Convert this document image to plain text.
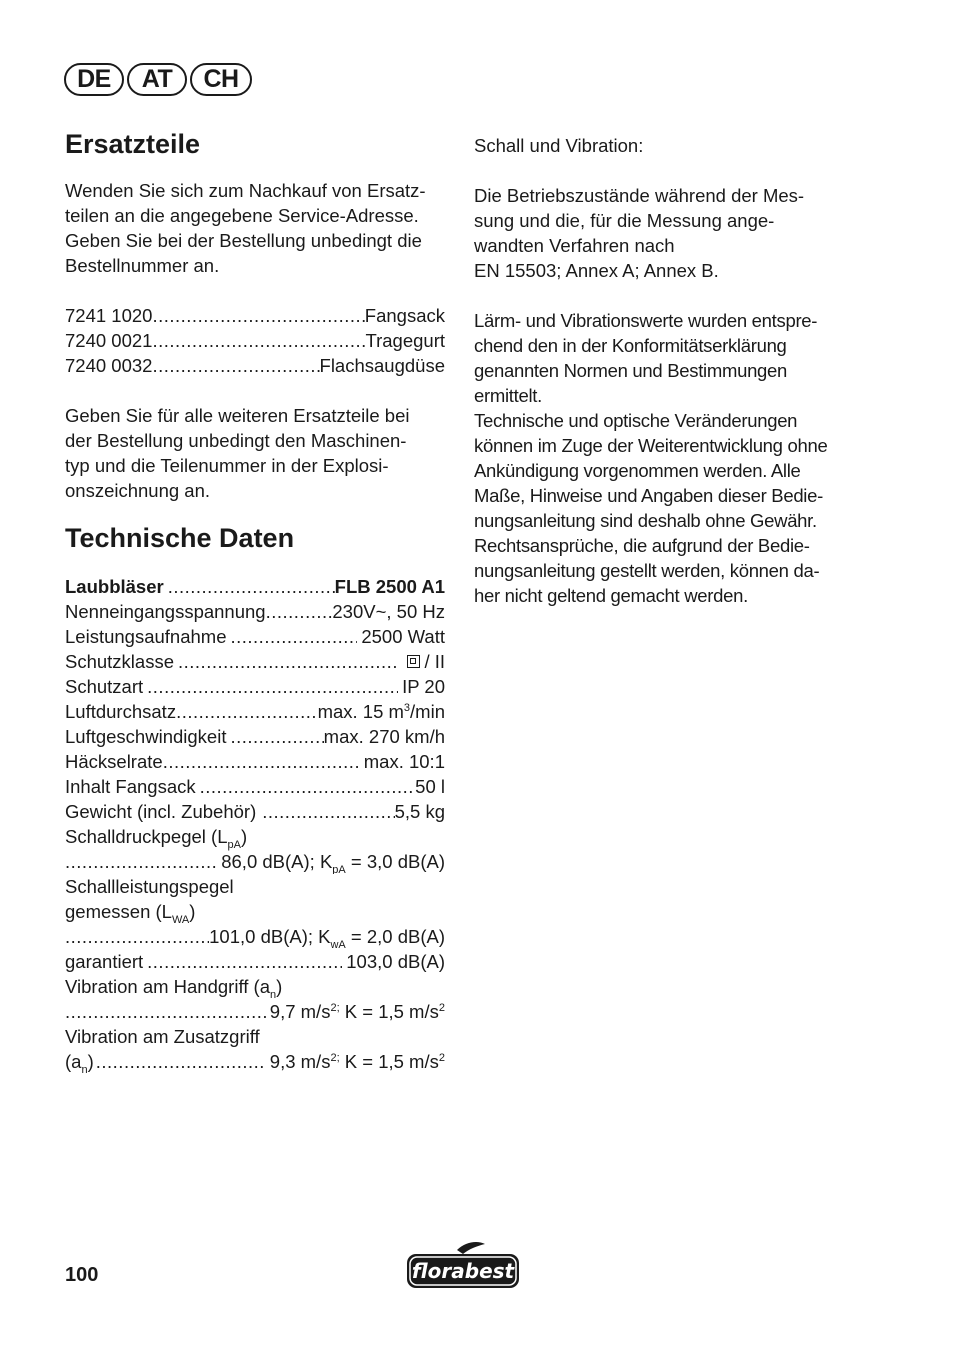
DE	AT	CH
Ersatzteile

Wenden Sie sich zum Nachkauf von Ersatz-

teilen an die angegebene Service-Adresse.

Geben Sie bei der Bestellung unbedingt die

Bestellnummer an.

7241 1020 .....	Fangsack
7240 0021 .....	Tragegurt
7240 0032 .....	Flachsaugdüse

Geben Sie für alle weiteren Ersatzteile bei

der Bestellung unbedingt den Maschinen-

typ und die Teilenummer in der Explosi-

onszeichnung an.

Technische Daten
Laubbläser .....	FLB 2500 A1
Nenneingangsspannung .....	230V~, 50 Hz
Leistungsaufnahme .....	2500 Watt
Schutzklasse .....	/ II
Schutzart .....	IP 20
Luftdurchsatz .....	max. 15 $m^3/\min$
Luftgeschwindigkeit .....	max. 270 km/h
Häckselrate .....	max. 10:1
Inhalt Fangsack .....	50 l
Gewicht (incl. Zubehör) .....	5,5 kg
Schalldruckpegel $(L_{pA})$
.....
86,0 dB(A); $K_{pA} = 3,0$ dB(A)
Schallleistungspegel
gemessen $(L_{WA})$
.....
101,0 dB(A); $K_{wA} = 2,0$ dB(A)
garantiert .....	103,0 dB(A)
Vibration am Handgriff $(a_n)$
.....
9,7 $m/s^{2;}$ K = 1,5 $m/s^2$
Vibration am Zusatzgriff
$(a_n)$ .....	9,3 $m/s^{2;}$ K = 1,5 $m/s^2$

Schall und Vibration:

Die Betriebszustände während der Mes-

sung und die, für die Messung ange-

wandten Verfahren nach

EN 15503; Annex A; Annex B.

Lärm- und Vibrationswerte wurden entspre-

chend den in der Konformitätserklärung

genannten Normen und Bestimmungen

ermittelt.

Technische und optische Veränderungen

können im Zuge der Weiterentwicklung ohne

Ankündigung vorgenommen werden. Alle

Maße, Hinweise und Angaben dieser Bedie-

nungsanleitung sind deshalb ohne Gewähr.

Rechtsansprüche, die aufgrund der Bedie-

nungsanleitung gestellt werden, können da-

her nicht geltend gemacht werden.

100	florabest
